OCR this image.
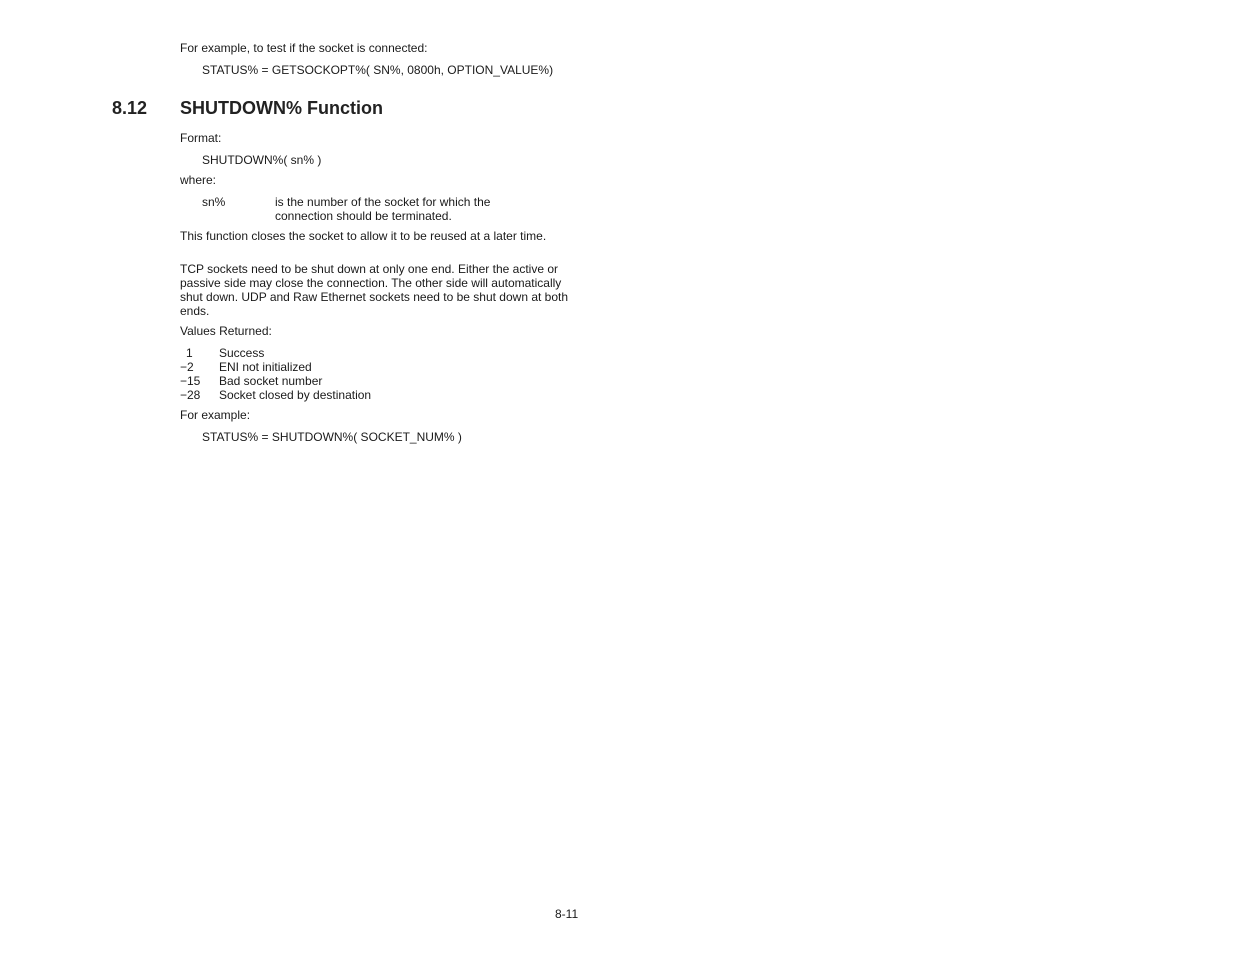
For example, to test if the socket is connected:
STATUS% = GETSOCKOPT%( SN%, 0800h, OPTION_VALUE%)
8.12 SHUTDOWN% Function
Format:
SHUTDOWN%( sn% )
where:
sn%	is the number of the socket for which the connection should be terminated.
This function closes the socket to allow it to be reused at a later time.
TCP sockets need to be shut down at only one end. Either the active or passive side may close the connection. The other side will automatically shut down. UDP and Raw Ethernet sockets need to be shut down at both ends.
Values Returned:
1 Success
−2 ENI not initialized
−15 Bad socket number
−28 Socket closed by destination
For example:
STATUS% = SHUTDOWN%( SOCKET_NUM% )
8-11
